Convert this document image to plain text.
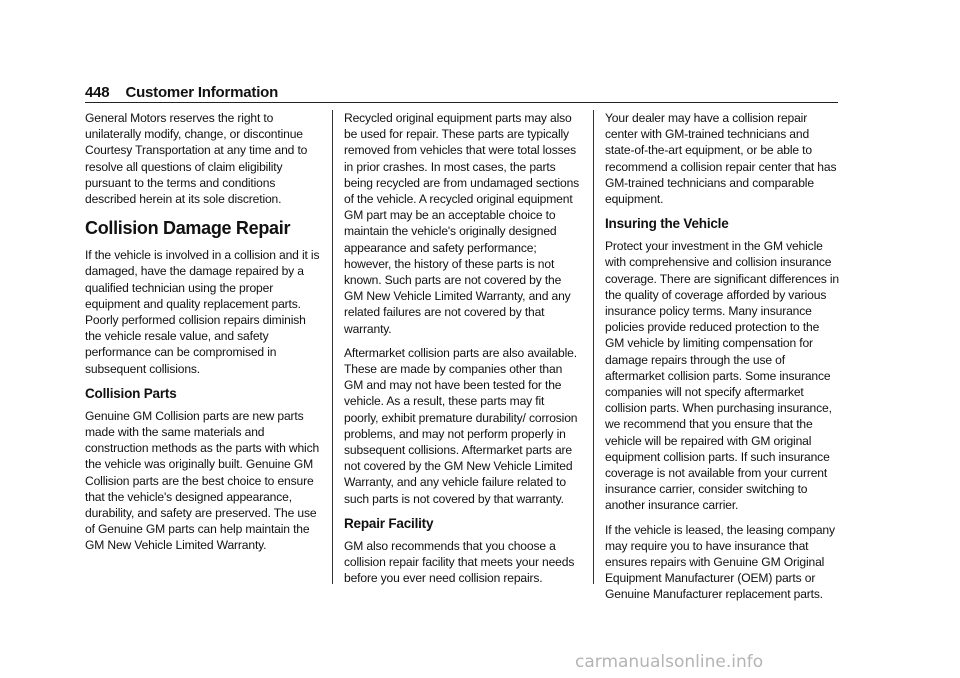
448 Customer Information

General Motors reserves the right to unilaterally modify, change, or discontinue Courtesy Transportation at any time and to resolve all questions of claim eligibility pursuant to the terms and conditions described herein at its sole discretion.

Collision Damage Repair

If the vehicle is involved in a collision and it is damaged, have the damage repaired by a qualified technician using the proper equipment and quality replacement parts. Poorly performed collision repairs diminish the vehicle resale value, and safety performance can be compromised in subsequent collisions.

Collision Parts

Genuine GM Collision parts are new parts made with the same materials and construction methods as the parts with which the vehicle was originally built. Genuine GM Collision parts are the best choice to ensure that the vehicle's designed appearance, durability, and safety are preserved. The use of Genuine GM parts can help maintain the GM New Vehicle Limited Warranty.

Recycled original equipment parts may also be used for repair. These parts are typically removed from vehicles that were total losses in prior crashes. In most cases, the parts being recycled are from undamaged sections of the vehicle. A recycled original equipment GM part may be an acceptable choice to maintain the vehicle's originally designed appearance and safety performance; however, the history of these parts is not known. Such parts are not covered by the GM New Vehicle Limited Warranty, and any related failures are not covered by that warranty.

Aftermarket collision parts are also available. These are made by companies other than GM and may not have been tested for the vehicle. As a result, these parts may fit poorly, exhibit premature durability/ corrosion problems, and may not perform properly in subsequent collisions. Aftermarket parts are not covered by the GM New Vehicle Limited Warranty, and any vehicle failure related to such parts is not covered by that warranty.

Repair Facility

GM also recommends that you choose a collision repair facility that meets your needs before you ever need collision repairs.

Your dealer may have a collision repair center with GM-trained technicians and state-of-the-art equipment, or be able to recommend a collision repair center that has GM-trained technicians and comparable equipment.

Insuring the Vehicle

Protect your investment in the GM vehicle with comprehensive and collision insurance coverage. There are significant differences in the quality of coverage afforded by various insurance policy terms. Many insurance policies provide reduced protection to the GM vehicle by limiting compensation for damage repairs through the use of aftermarket collision parts. Some insurance companies will not specify aftermarket collision parts. When purchasing insurance, we recommend that you ensure that the vehicle will be repaired with GM original equipment collision parts. If such insurance coverage is not available from your current insurance carrier, consider switching to another insurance carrier.

If the vehicle is leased, the leasing company may require you to have insurance that ensures repairs with Genuine GM Original Equipment Manufacturer (OEM) parts or Genuine Manufacturer replacement parts.

carmanualsonline.info
